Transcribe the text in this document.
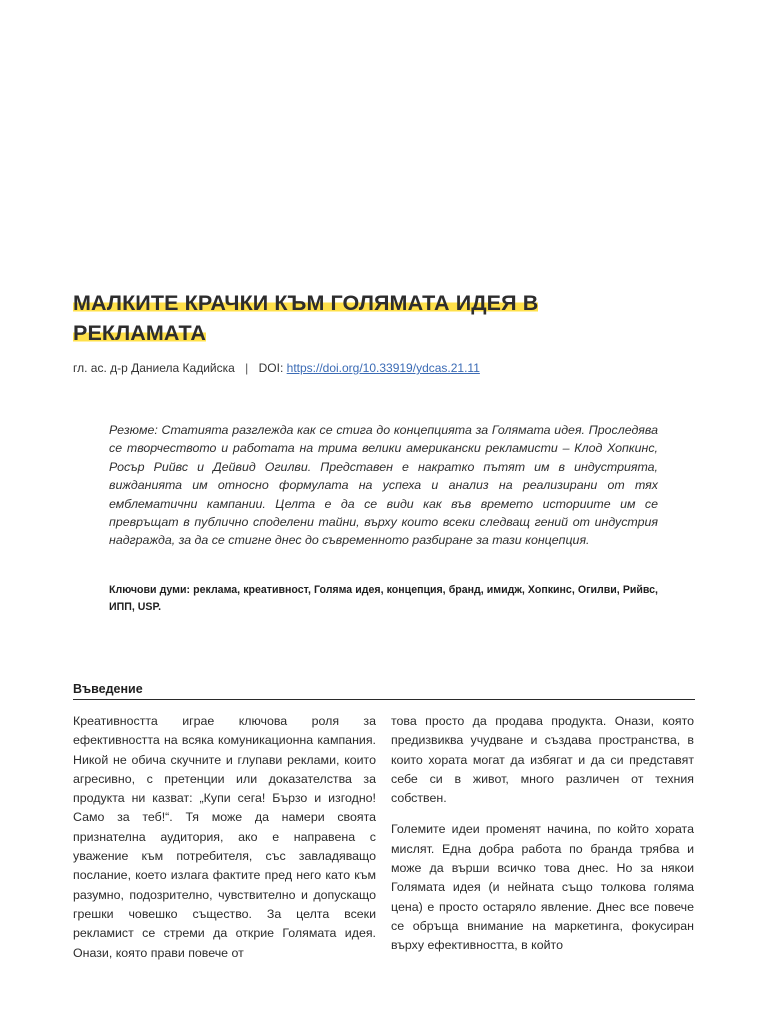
МАЛКИТЕ КРАЧКИ КЪМ ГОЛЯМАТА ИДЕЯ В РЕКЛАМАТА
гл. ас. д-р Даниела Кадийска | DOI: https://doi.org/10.33919/ydcas.21.11

Резюме: Статията разглежда как се стига до концепцията за Голямата идея. Проследява се творчеството и работата на трима велики американски рекламисти – Клод Хопкинс, Росър Рийвс и Дейвид Огилви. Представен е накратко пътят им в индустрията, вижданията им относно формулата на успеха и анализ на реализирани от тях емблематични кампании. Целта е да се види как във времето историите им се превръщат в публично споделени тайни, върху които всеки следващ гений от индустрия надгражда, за да се стигне днес до съвременното разбиране за тази концепция.

Ключови думи: реклама, креативност, Голяма идея, концепция, бранд, имидж, Хопкинс, Огилви, Рийвс, ИПП, USP.

Въведение

Креативността играе ключова роля за ефективността на всяка комуникационна кампания. Никой не обича скучните и глупави реклами, които агресивно, с претенции или доказателства за продукта ни казват: „Купи сега! Бързо и изгодно! Само за теб!“. Тя може да намери своята признателна аудитория, ако е направена с уважение към потребителя, със завладяващо послание, което излага фактите пред него като към разумно, подозрително, чувствително и допускащо грешки човешко същество. За целта всеки рекламист се стреми да открие Голямата идея. Онази, която прави повече от

това просто да продава продукта. Онази, която предизвиква учудване и създава пространства, в които хората могат да избягат и да си представят себе си в живот, много различен от техния собствен.

Големите идеи променят начина, по който хората мислят. Една добра работа по бранда трябва и може да върши всичко това днес. Но за някои Голямата идея (и нейната също толкова голяма цена) е просто остаряло явление. Днес все повече се обръща внимание на маркетинга, фокусиран върху ефективността, в който
